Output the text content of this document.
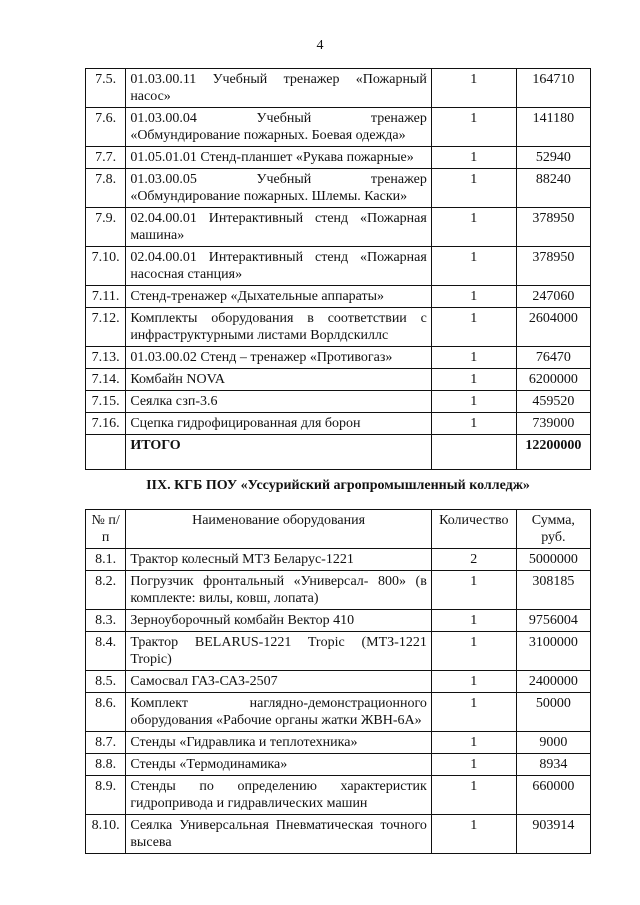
4
7.5.	01.03.00.11 Учебный тренажер «Пожарный насос»	1	164710
7.6.	01.03.00.04 Учебный тренажер «Обмундирование пожарных. Боевая одежда»	1	141180
7.7.	01.05.01.01 Стенд-планшет «Рукава пожарные»	1	52940
7.8.	01.03.00.05 Учебный тренажер «Обмундирование пожарных. Шлемы. Каски»	1	88240
7.9.	02.04.00.01 Интерактивный стенд «Пожарная машина»	1	378950
7.10.	02.04.00.01 Интерактивный стенд «Пожарная насосная станция»	1	378950
7.11.	Стенд-тренажер «Дыхательные аппараты»	1	247060
7.12.	Комплекты оборудования в соответствии с инфраструктурными листами Ворлдскиллс	1	2604000
7.13.	01.03.00.02 Стенд – тренажер «Противогаз»	1	76470
7.14.	Комбайн NOVA	1	6200000
7.15.	Сеялка сзп-3.6	1	459520
7.16.	Сцепка гидрофицированная для борон	1	739000
	ИТОГО		12200000
IIX. КГБ ПОУ «Уссурийский агропромышленный колледж»
№ п/п	Наименование оборудования	Количество	Сумма, руб.
8.1.	Трактор колесный МТЗ Беларус-1221	2	5000000
8.2.	Погрузчик фронтальный «Универсал- 800» (в комплекте: вилы, ковш, лопата)	1	308185
8.3.	Зерноуборочный комбайн Вектор 410	1	9756004
8.4.	Трактор BELARUS-1221 Tropic (МТЗ-1221 Tropic)	1	3100000
8.5.	Самосвал ГАЗ-САЗ-2507	1	2400000
8.6.	Комплект наглядно-демонстрационного оборудования «Рабочие органы жатки ЖВН-6А»	1	50000
8.7.	Стенды «Гидравлика и теплотехника»	1	9000
8.8.	Стенды «Термодинамика»	1	8934
8.9.	Стенды по определению характеристик гидропривода и гидравлических машин	1	660000
8.10.	Сеялка Универсальная Пневматическая точного высева	1	903914
